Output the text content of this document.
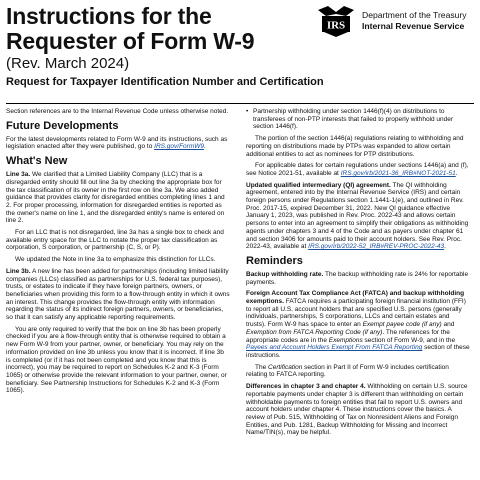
Instructions for the Requester of Form W-9
(Rev. March 2024)
Request for Taxpayer Identification Number and Certification
IRS
Department of the Treasury
Internal Revenue Service

Section references are to the Internal Revenue Code unless otherwise noted.

Future Developments

For the latest developments related to Form W-9 and its instructions, such as legislation enacted after they were published, go to IRS.gov/FormW9.

What's New

Line 3a. We clarified that a Limited Liability Company (LLC) that is a disregarded entity should fill out line 3a by checking the appropriate box for the tax classification of its owner in the first row on line 3a. We also added guidance that provides clarity for disregarded entities completing lines 1 and 2. For proper processing, information for disregarded entities is reported as the owner's name on line 1, and the disregarded entity's name is entered on line 2.

For an LLC that is not disregarded, line 3a has a single box to check and available entry space for the LLC to notate the proper tax classification as corporation, S corporation, or partnership (C, S, or P).

We updated the Note in line 3a to emphasize this distinction for LLCs.

Line 3b. A new line has been added for partnerships (including limited liability companies (LLCs) classified as partnerships for U.S. federal tax purposes), trusts, or estates to indicate if they have foreign partners, owners, or beneficiaries when providing this form to a flow-through entity in which it owns an interest. This change provides the flow-through entity with information regarding the status of its indirect foreign partners, owners, or beneficiaries, so that it can satisfy any applicable reporting requirements.

You are only required to verify that the box on line 3b has been properly checked if you are a flow-through entity that is otherwise required to obtain a new Form W-9 from your partner, owner, or beneficiary. You may rely on the information provided on line 3b unless you know that it is incorrect. If line 3b is completed (or if it has not been completed and you know that this is incorrect), you may be required to report on Schedules K-2 and K-3 (Form 1065) or otherwise provide the relevant information to your partner, owner, or beneficiary. See Partnership Instructions for Schedules K-2 and K-3 (Form 1065).

• Partnership withholding under section 1446(f)(4) on distributions to transferees of non-PTP interests that failed to properly withhold under section 1446(f).

The portion of the section 1446(a) regulations relating to withholding and reporting on distributions made by PTPs was expanded to allow certain additional entities to act as nominees for PTP distributions.

For applicable dates for certain regulations under sections 1446(a) and (f), see Notice 2021-51, available at IRS.gov/irb/2021-36_IRB#NOT-2021-51.

Updated qualified intermediary (QI) agreement. The QI withholding agreement, entered into by the Internal Revenue Service (IRS) and certain foreign persons under Regulations section 1.1441-1(e), and outlined in Rev. Proc. 2017-15, expired December 31, 2022. New QI guidance effective January 1, 2023, was published in Rev. Proc. 2022-43 and allows certain persons to enter into an agreement to simplify their obligations as withholding agents under chapters 3 and 4 of the Code and as payers under chapter 61 and section 3406 for amounts paid to their account holders. See Rev. Proc. 2022-43, available at IRS.gov/irb/2022-52_IRB#REV-PROC-2022-43.

Reminders

Backup withholding rate. The backup withholding rate is 24% for reportable payments.

Foreign Account Tax Compliance Act (FATCA) and backup withholding exemptions. FATCA requires a participating foreign financial institution (FFI) to report all U.S. account holders that are specified U.S. persons (generally individuals, partnerships, S corporations, LLCs and certain estates and trusts). Form W-9 has space to enter an Exempt payee code (if any) and Exemption from FATCA Reporting Code (if any). The references for the appropriate codes are in the Exemptions section of Form W-9, and in the Payees and Account Holders Exempt From FATCA Reporting section of these instructions.

The Certification section in Part II of Form W-9 includes certification relating to FATCA reporting.

Differences in chapter 3 and chapter 4. Withholding on certain U.S. source reportable payments under chapter 3 is different than withholding on certain withholdable payments to foreign entities that fail to report U.S. owners and account holders under chapter 4. These instructions cover the basics. A review of Pub. 515, Withholding of Tax on Nonresident Aliens and Foreign Entities, and Pub. 1281, Backup Withholding for Missing and Incorrect Name/TIN(s), may be helpful.
